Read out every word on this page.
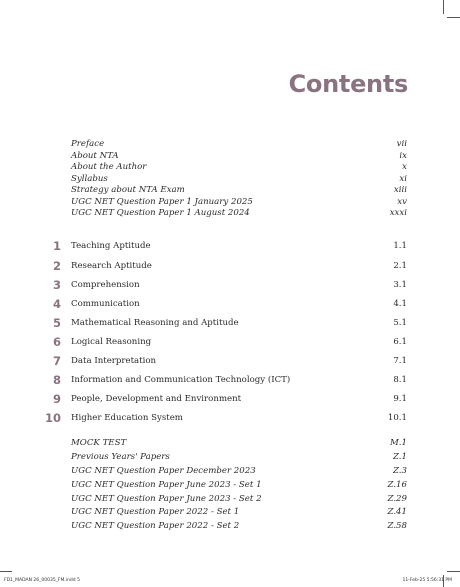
Contents
Preface	vii
About NTA	ix
About the Author	x
Syllabus	xi
Strategy about NTA Exam	xiii
UGC NET Question Paper 1 January 2025	xv
UGC NET Question Paper 1 August 2024	xxxi
1 Teaching Aptitude	1.1
2 Research Aptitude	2.1
3 Comprehension	3.1
4 Communication	4.1
5 Mathematical Reasoning and Aptitude	5.1
6 Logical Reasoning	6.1
7 Data Interpretation	7.1
8 Information and Communication Technology (ICT)	8.1
9 People, Development and Environment	9.1
10 Higher Education System	10.1
MOCK TEST	M.1
Previous Years' Papers	Z.1
UGC NET Question Paper December 2023	Z.3
UGC NET Question Paper June 2023 - Set 1	Z.16
UGC NET Question Paper June 2023 - Set 2	Z.29
UGC NET Question Paper 2022 - Set 1	Z.41
UGC NET Question Paper 2022 - Set 2	Z.58
FD1_MADAN 26_00035_FM.indd 5	11-Feb-25 5:56:31 PM
